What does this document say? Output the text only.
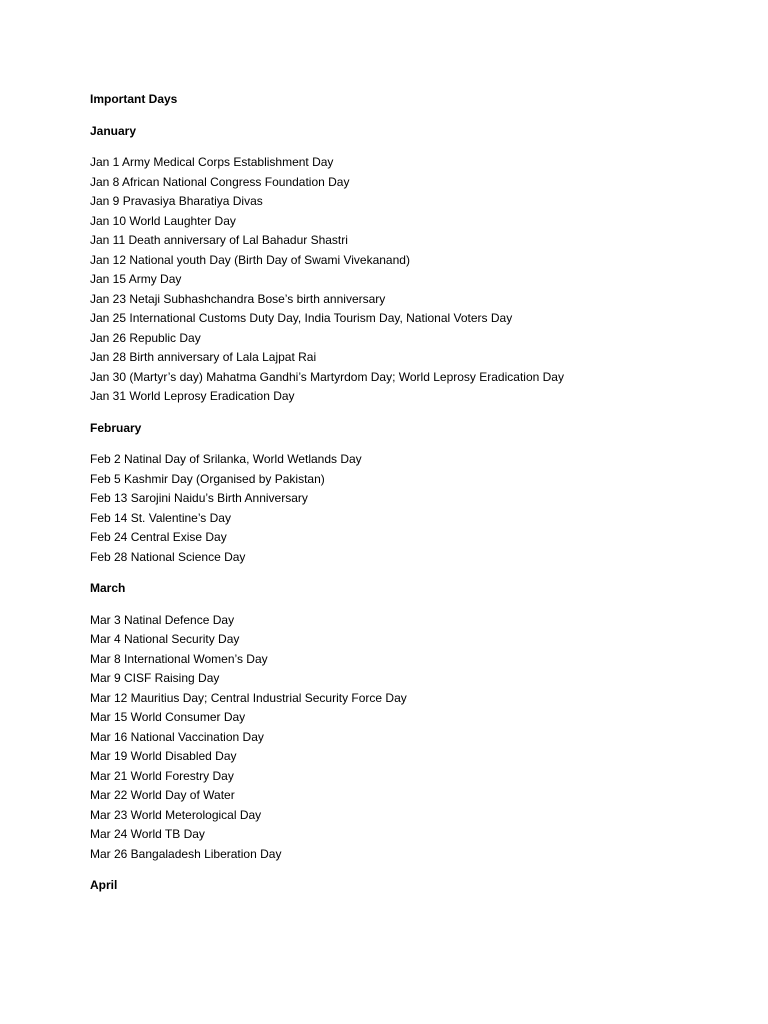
Important Days

January

Jan 1 Army Medical Corps Establishment Day
Jan 8 African National Congress Foundation Day
Jan 9 Pravasiya Bharatiya Divas
Jan 10 World Laughter Day
Jan 11 Death anniversary of Lal Bahadur Shastri
Jan 12 National youth Day (Birth Day of Swami Vivekanand)
Jan 15 Army Day
Jan 23 Netaji Subhashchandra Bose’s birth anniversary
Jan 25 International Customs Duty Day, India Tourism Day, National Voters Day
Jan 26 Republic Day
Jan 28 Birth anniversary of Lala Lajpat Rai
Jan 30 (Martyr’s day) Mahatma Gandhi’s Martyrdom Day; World Leprosy Eradication Day
Jan 31 World Leprosy Eradication Day

February

Feb 2 Natinal Day of Srilanka, World Wetlands Day
Feb 5 Kashmir Day (Organised by Pakistan)
Feb 13 Sarojini Naidu’s Birth Anniversary
Feb 14 St. Valentine’s Day
Feb 24 Central Exise Day
Feb 28 National Science Day

March

Mar 3 Natinal Defence Day
Mar 4 National Security Day
Mar 8 International Women’s Day
Mar 9 CISF Raising Day
Mar 12 Mauritius Day; Central Industrial Security Force Day
Mar 15 World Consumer Day
Mar 16 National Vaccination Day
Mar 19 World Disabled Day
Mar 21 World Forestry Day
Mar 22 World Day of Water
Mar 23 World Meterological Day
Mar 24 World TB Day
Mar 26 Bangaladesh Liberation Day

April
